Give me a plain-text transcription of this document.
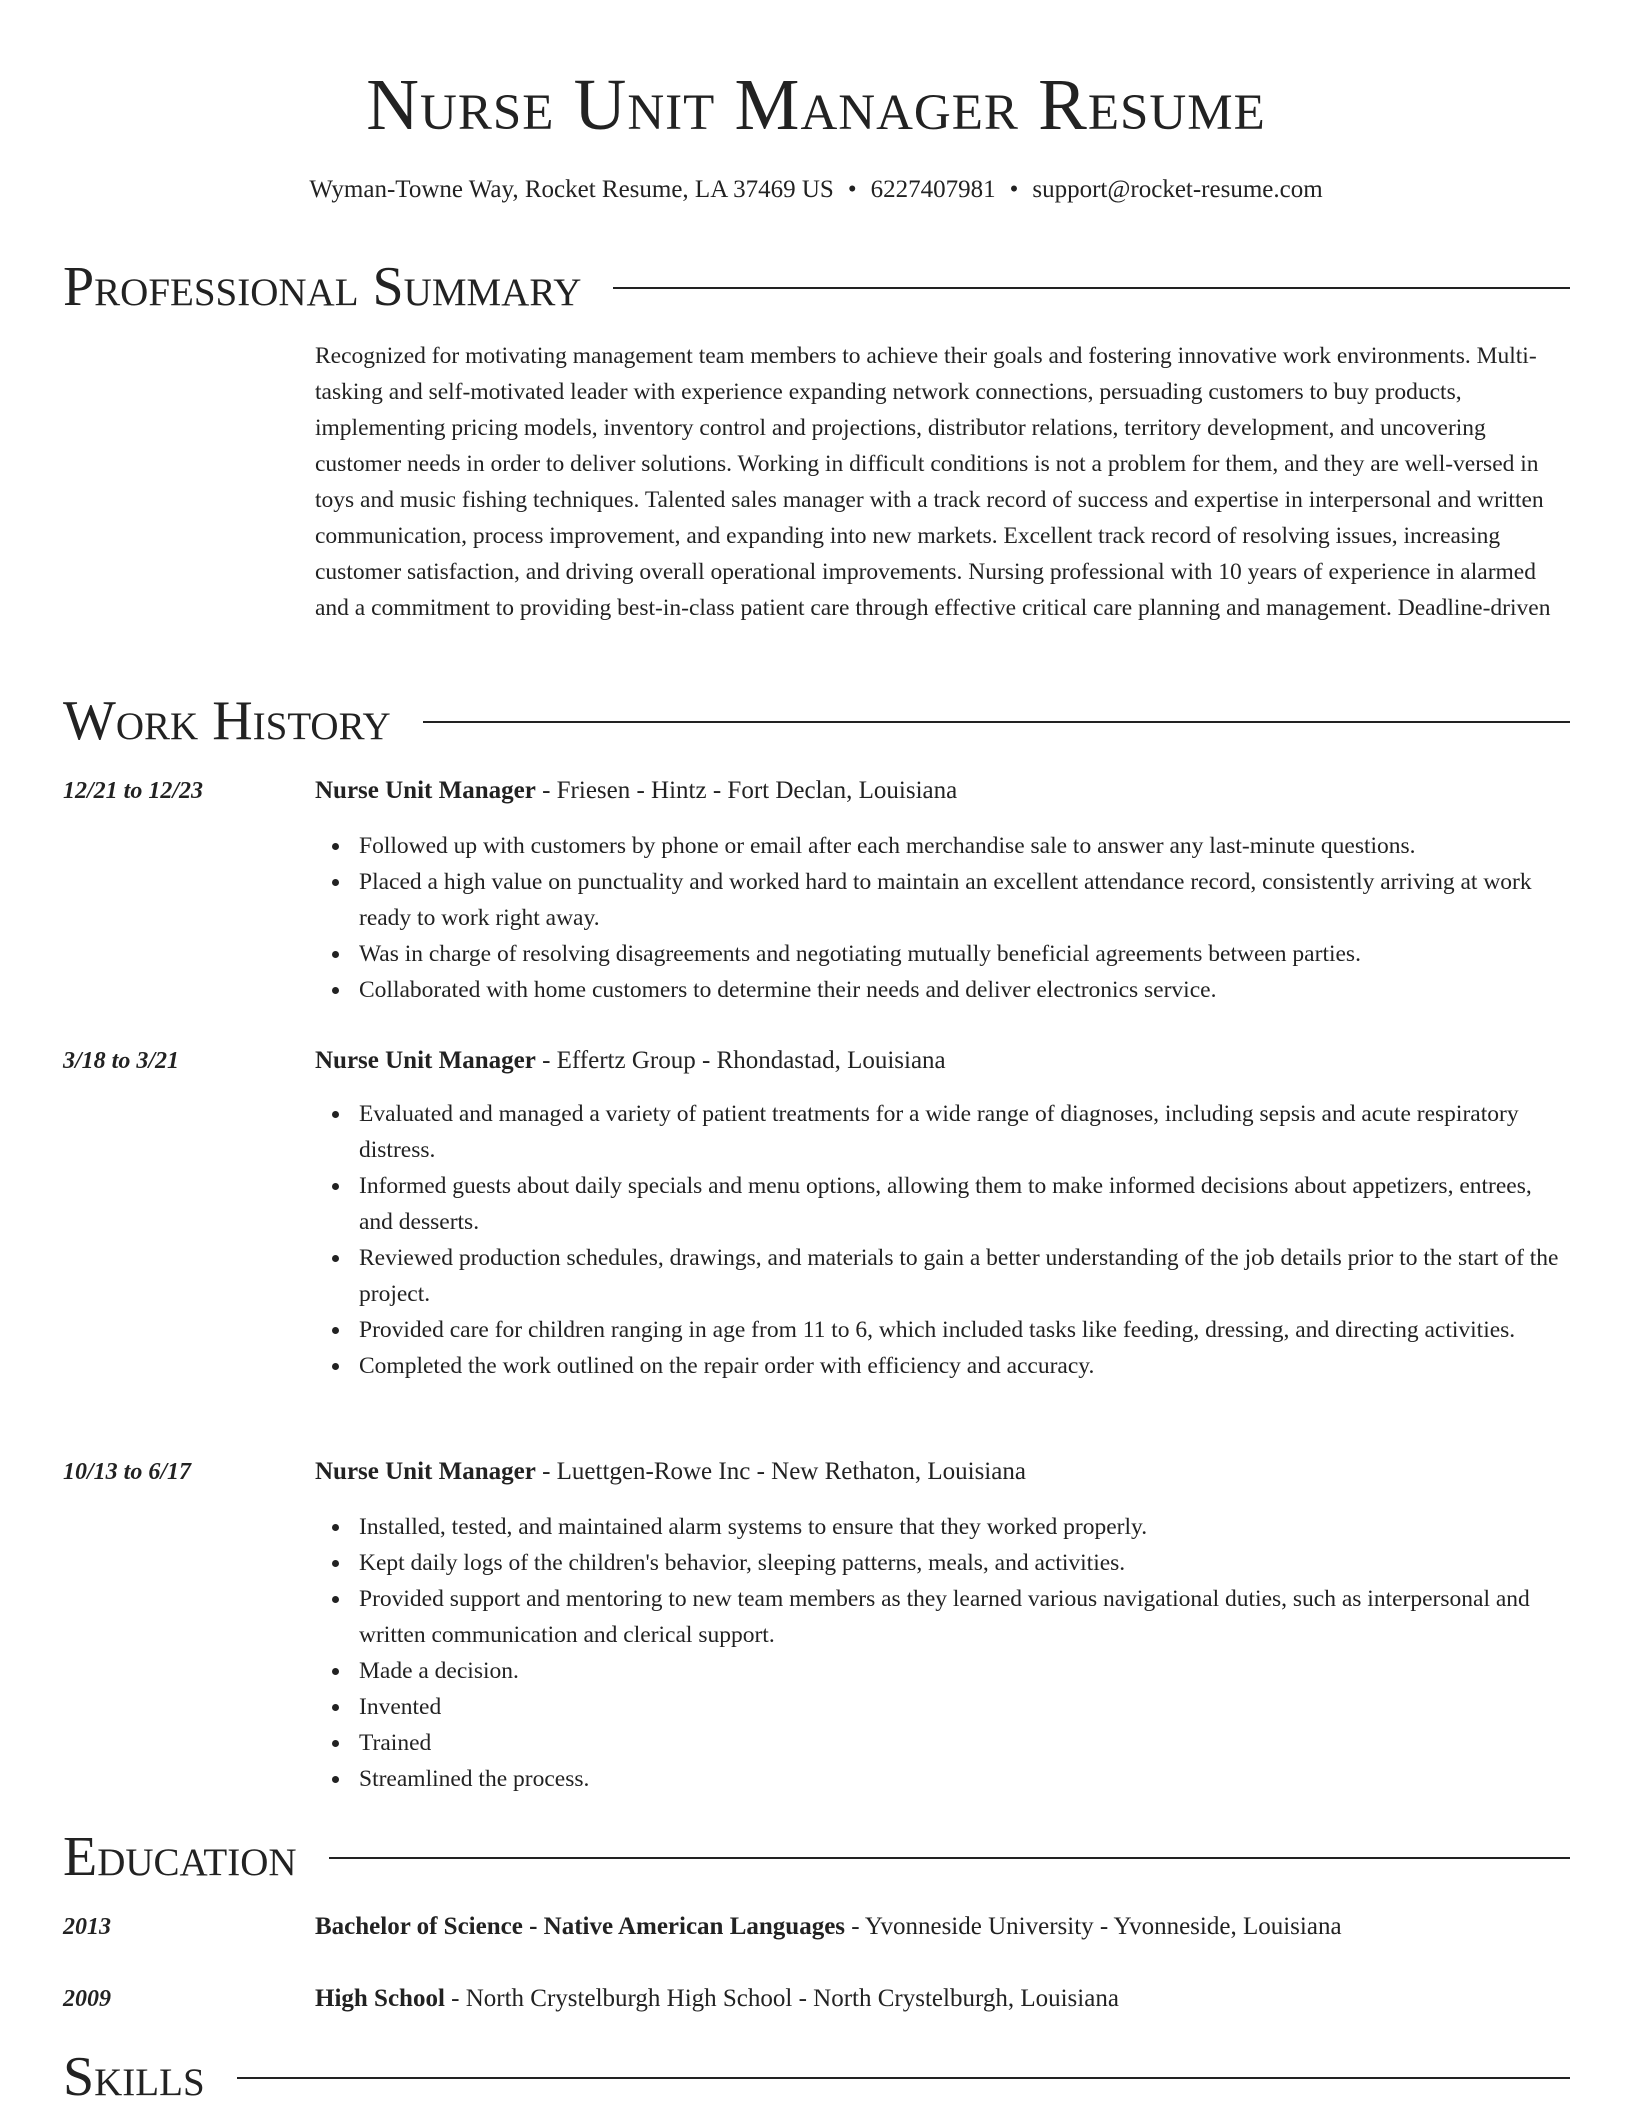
Nurse Unit Manager Resume
Wyman-Towne Way, Rocket Resume, LA 37469 US • 6227407981 • support@rocket-resume.com
Professional Summary
Recognized for motivating management team members to achieve their goals and fostering innovative work environments. Multi-tasking and self-motivated leader with experience expanding network connections, persuading customers to buy products, implementing pricing models, inventory control and projections, distributor relations, territory development, and uncovering customer needs in order to deliver solutions. Working in difficult conditions is not a problem for them, and they are well-versed in toys and music fishing techniques. Talented sales manager with a track record of success and expertise in interpersonal and written communication, process improvement, and expanding into new markets. Excellent track record of resolving issues, increasing customer satisfaction, and driving overall operational improvements. Nursing professional with 10 years of experience in alarmed and a commitment to providing best-in-class patient care through effective critical care planning and management. Deadline-driven
Work History
12/21 to 12/23	Nurse Unit Manager - Friesen - Hintz - Fort Declan, Louisiana
Followed up with customers by phone or email after each merchandise sale to answer any last-minute questions.
Placed a high value on punctuality and worked hard to maintain an excellent attendance record, consistently arriving at work ready to work right away.
Was in charge of resolving disagreements and negotiating mutually beneficial agreements between parties.
Collaborated with home customers to determine their needs and deliver electronics service.
3/18 to 3/21	Nurse Unit Manager - Effertz Group - Rhondastad, Louisiana
Evaluated and managed a variety of patient treatments for a wide range of diagnoses, including sepsis and acute respiratory distress.
Informed guests about daily specials and menu options, allowing them to make informed decisions about appetizers, entrees, and desserts.
Reviewed production schedules, drawings, and materials to gain a better understanding of the job details prior to the start of the project.
Provided care for children ranging in age from 11 to 6, which included tasks like feeding, dressing, and directing activities.
Completed the work outlined on the repair order with efficiency and accuracy.
10/13 to 6/17	Nurse Unit Manager - Luettgen-Rowe Inc - New Rethaton, Louisiana
Installed, tested, and maintained alarm systems to ensure that they worked properly.
Kept daily logs of the children's behavior, sleeping patterns, meals, and activities.
Provided support and mentoring to new team members as they learned various navigational duties, such as interpersonal and written communication and clerical support.
Made a decision.
Invented
Trained
Streamlined the process.
Education
2013	Bachelor of Science - Native American Languages - Yvonneside University - Yvonneside, Louisiana
2009	High School - North Crystelburgh High School - North Crystelburgh, Louisiana
Skills
